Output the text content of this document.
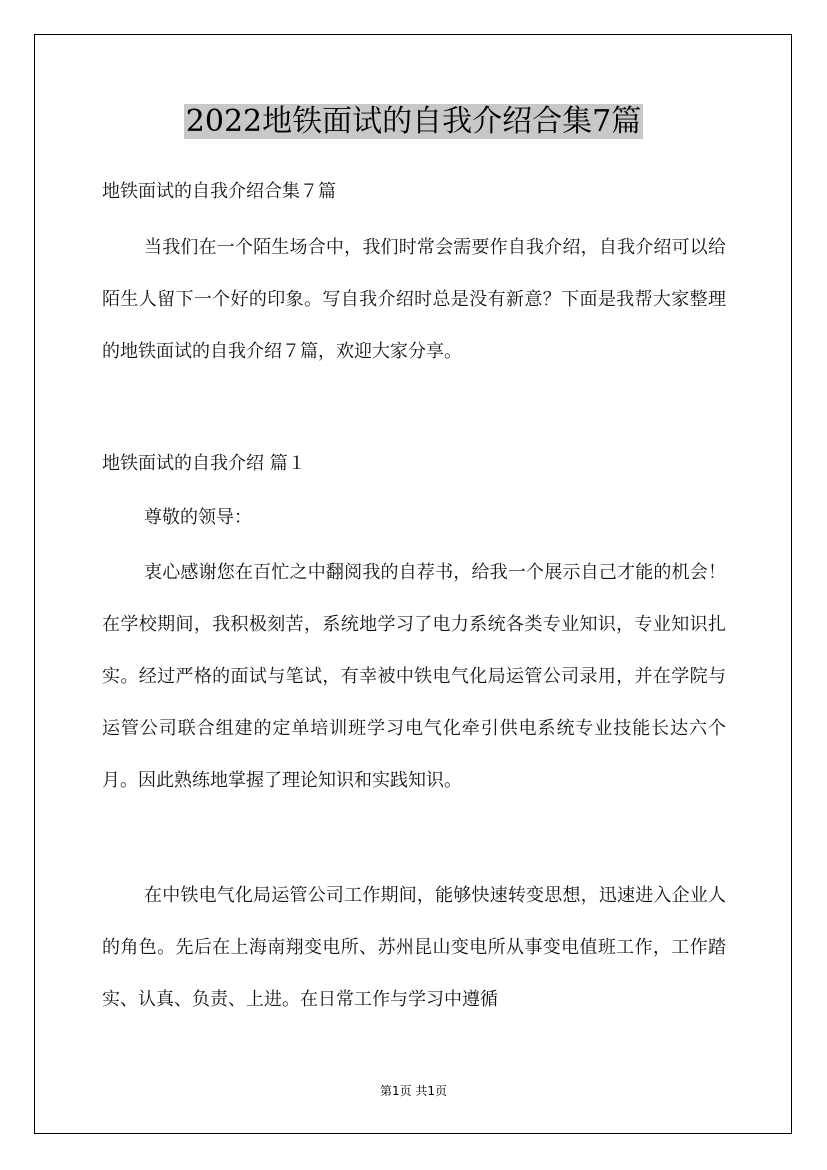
2022地铁面试的自我介绍合集7篇

地铁面试的自我介绍合集７篇

当我们在一个陌生场合中，我们时常会需要作自我介绍，自我介绍可以给陌生人留下一个好的印象。写自我介绍时总是没有新意？下面是我帮大家整理的地铁面试的自我介绍７篇，欢迎大家分享。

地铁面试的自我介绍 篇１

尊敬的领导：

衷心感谢您在百忙之中翻阅我的自荐书，给我一个展示自己才能的机会！ 在学校期间，我积极刻苦，系统地学习了电力系统各类专业知识，专业知识扎实。经过严格的面试与笔试，有幸被中铁电气化局运管公司录用，并在学院与运管公司联合组建的定单培训班学习电气化牵引供电系统专业技能长达六个月。因此熟练地掌握了理论知识和实践知识。

在中铁电气化局运管公司工作期间，能够快速转变思想，迅速进入企业人的角色。先后在上海南翔变电所、苏州昆山变电所从事变电值班工作，工作踏实、认真、负责、上进。在日常工作与学习中遵循

第1页 共1页
